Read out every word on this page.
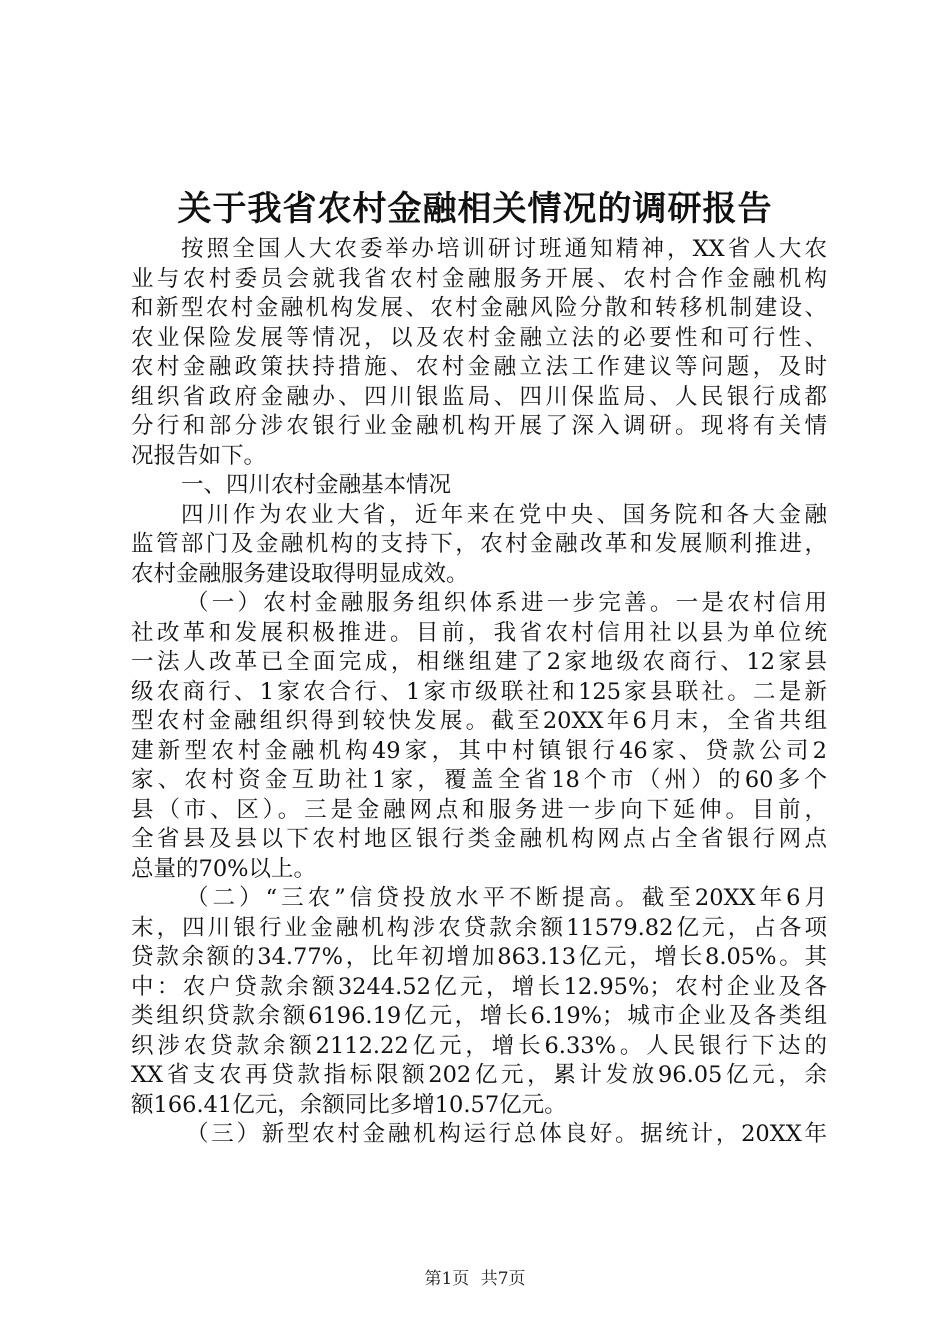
关于我省农村金融相关情况的调研报告
按照全国人大农委举办培训研讨班通知精神，XX省人大农
业与农村委员会就我省农村金融服务开展、农村合作金融机构
和新型农村金融机构发展、农村金融风险分散和转移机制建设、
农业保险发展等情况，以及农村金融立法的必要性和可行性、
农村金融政策扶持措施、农村金融立法工作建议等问题，及时
组织省政府金融办、四川银监局、四川保监局、人民银行成都
分行和部分涉农银行业金融机构开展了深入调研。现将有关情
况报告如下。
一、四川农村金融基本情况
四川作为农业大省，近年来在党中央、国务院和各大金融
监管部门及金融机构的支持下，农村金融改革和发展顺利推进，
农村金融服务建设取得明显成效。
（一）农村金融服务组织体系进一步完善。一是农村信用
社改革和发展积极推进。目前，我省农村信用社以县为单位统
一法人改革已全面完成，相继组建了2家地级农商行、12家县
级农商行、1家农合行、1家市级联社和125家县联社。二是新
型农村金融组织得到较快发展。截至20XX年6月末，全省共组
建新型农村金融机构49家，其中村镇银行46家、贷款公司2
家、农村资金互助社1家，覆盖全省18个市（州）的60多个
县（市、区）。三是金融网点和服务进一步向下延伸。目前，
全省县及县以下农村地区银行类金融机构网点占全省银行网点
总量的70%以上。
（二）“三农”信贷投放水平不断提高。截至20XX年6月
末，四川银行业金融机构涉农贷款余额11579.82亿元，占各项
贷款余额的34.77%，比年初增加863.13亿元，增长8.05%。其
中：农户贷款余额3244.52亿元，增长12.95%；农村企业及各
类组织贷款余额6196.19亿元，增长6.19%；城市企业及各类组
织涉农贷款余额2112.22亿元，增长6.33%。人民银行下达的
XX省支农再贷款指标限额202亿元，累计发放96.05亿元，余
额166.41亿元，余额同比多增10.57亿元。
（三）新型农村金融机构运行总体良好。据统计，20XX年
第1页 共7页
